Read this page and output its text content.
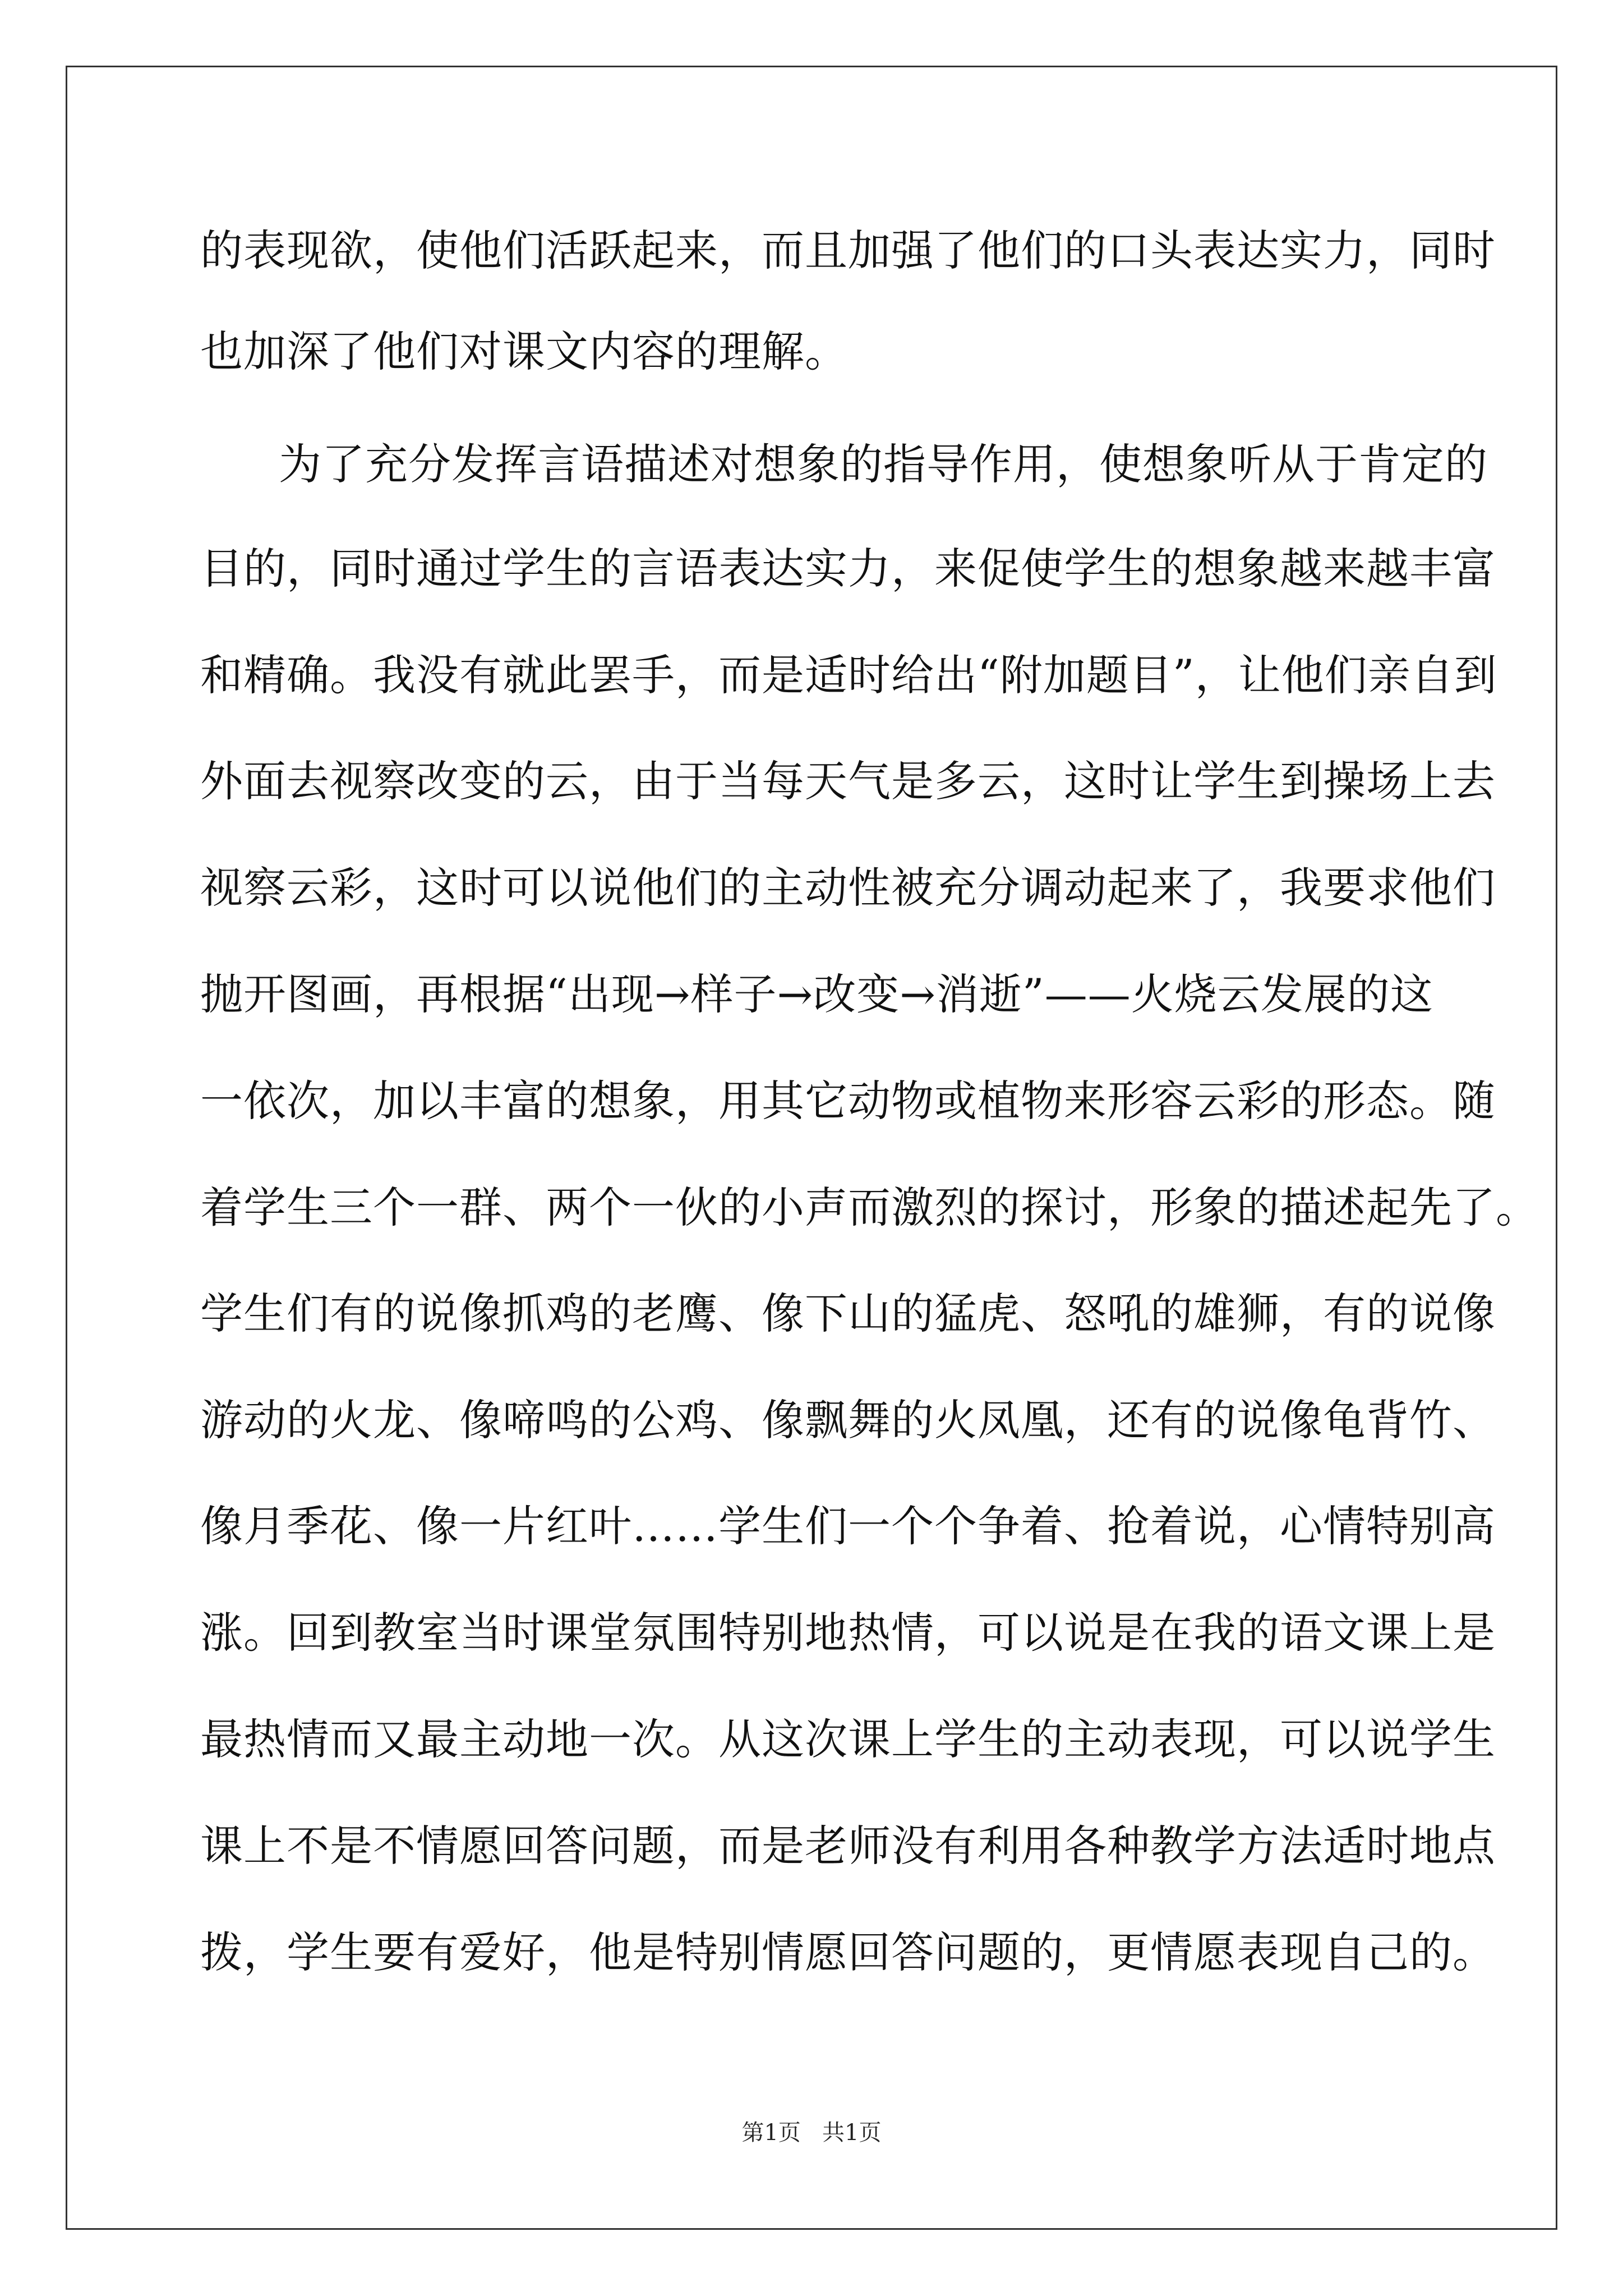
的表现欲，使他们活跃起来，而且加强了他们的口头表达实力，同时
也加深了他们对课文内容的理解。
为了充分发挥言语描述对想象的指导作用，使想象听从于肯定的
目的，同时通过学生的言语表达实力，来促使学生的想象越来越丰富
和精确。我没有就此罢手，而是适时给出“附加题目”，让他们亲自到
外面去视察改变的云，由于当每天气是多云，这时让学生到操场上去
视察云彩，这时可以说他们的主动性被充分调动起来了，我要求他们
抛开图画，再根据“出现→样子→改变→消逝”——火烧云发展的这
一依次，加以丰富的想象，用其它动物或植物来形容云彩的形态。随
着学生三个一群、两个一伙的小声而激烈的探讨，形象的描述起先了。
学生们有的说像抓鸡的老鹰、像下山的猛虎、怒吼的雄狮，有的说像
游动的火龙、像啼鸣的公鸡、像飘舞的火凤凰，还有的说像龟背竹、
像月季花、像一片红叶……学生们一个个争着、抢着说，心情特别高
涨。回到教室当时课堂氛围特别地热情，可以说是在我的语文课上是
最热情而又最主动地一次。从这次课上学生的主动表现，可以说学生
课上不是不情愿回答问题，而是老师没有利用各种教学方法适时地点
拨，学生要有爱好，他是特别情愿回答问题的，更情愿表现自己的。
第1页   共1页
